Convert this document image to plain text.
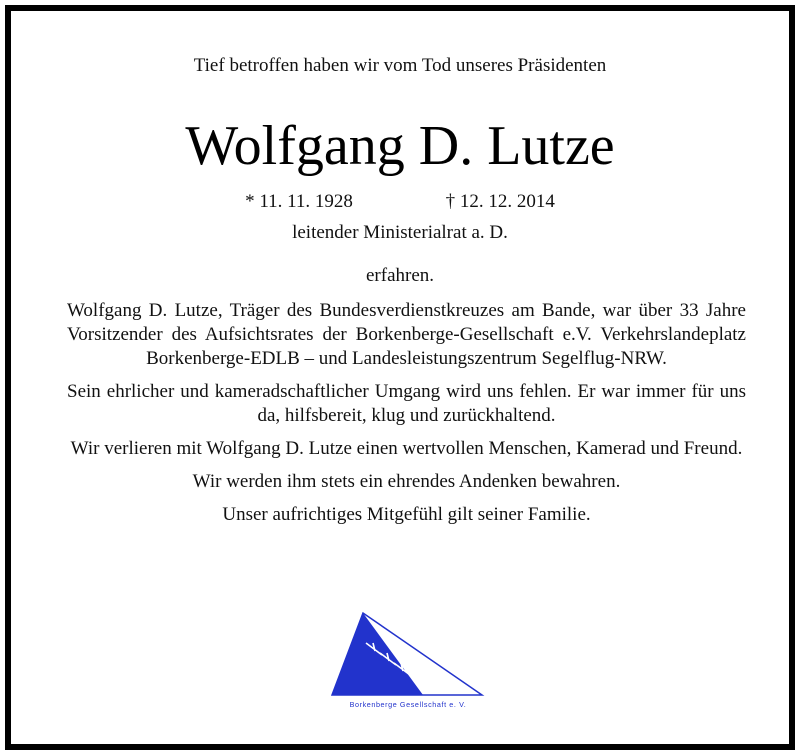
Tief betroffen haben wir vom Tod unseres Präsidenten
Wolfgang D. Lutze
* 11. 11. 1928	† 12. 12. 2014
leitender Ministerialrat a. D.
erfahren.

Wolfgang D. Lutze, Träger des Bundesverdienstkreuzes am Bande, war über 33 Jahre Vorsitzender des Aufsichtsrates der Borkenberge-Gesellschaft e.V. Verkehrslandeplatz Borkenberge-EDLB – und Landesleistungszentrum Segelflug-NRW.

Sein ehrlicher und kameradschaftlicher Umgang wird uns fehlen. Er war immer für uns da, hilfsbereit, klug und zurückhaltend.

Wir verlieren mit Wolfgang D. Lutze einen wertvollen Menschen, Kamerad und Freund.

Wir werden ihm stets ein ehrendes Andenken bewahren.

Unser aufrichtiges Mitgefühl gilt seiner Familie.

Borkenberge Gesellschaft e. V.
